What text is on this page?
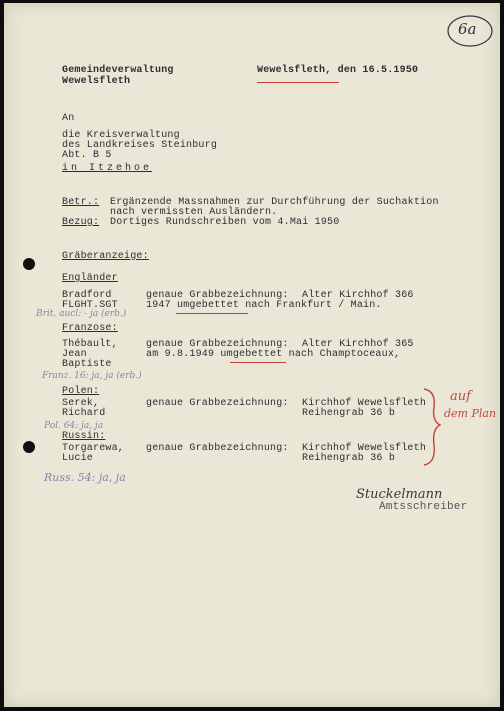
6a
Gemeindeverwaltung
Wewelsfleth
Wewelsfleth, den 16.5.1950
An
die Kreisverwaltung
des Landkreises Steinburg
Abt. B 5
in Itzehoe
Betr.: Ergänzende Massnahmen zur Durchführung der Suchaktion
nach vermissten Ausländern.
Bezug: Dortiges Rundschreiben vom 4.Mai 1950
Gräberanzeige:
Engländer
Bradford
FLGHT.SGT
genaue Grabbezeichnung: Alter Kirchhof 366
1947 umgebettet nach Frankfurt / Main.
Brit. aucl: - ja (erb.)
Franzose:
Thébault,
Jean
Baptiste
genaue Grabbezeichnung: Alter Kirchhof 365
am 9.8.1949 umgebettet nach Champtoceaux,
Franz. 16: ja, ja (erb.)
Polen:
Serek,
Richard
genaue Grabbezeichnung: Kirchhof Wewelsfleth
Reihengrab 36 b
Pol. 64: ja, ja
Russin:
Torgarewa,
Lucie
genaue Grabbezeichnung: Kirchhof Wewelsfleth
Reihengrab 36 b
Russ. 54: ja, ja
auf
dem Plan
Stuckelmann
Amtsschreiber
